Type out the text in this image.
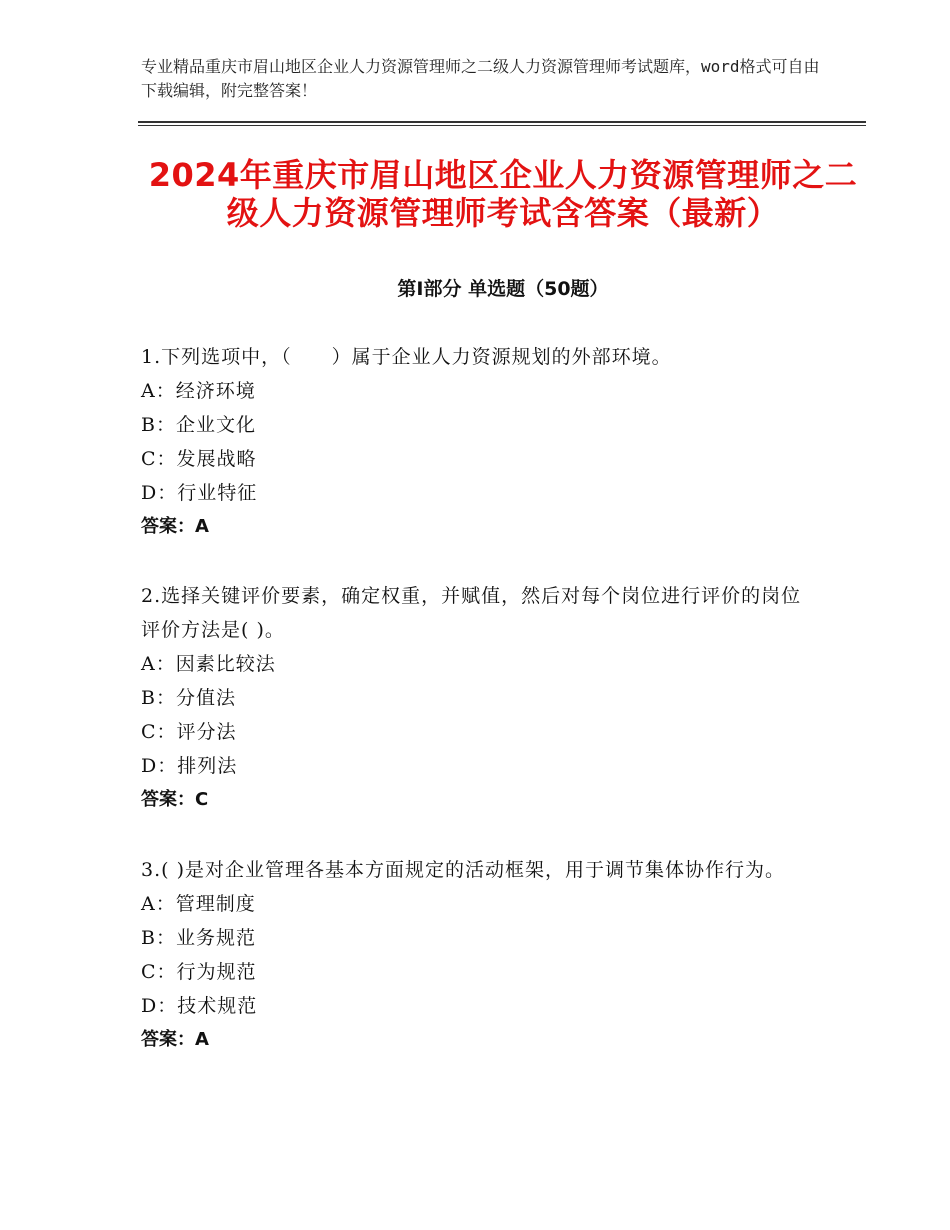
专业精品重庆市眉山地区企业人力资源管理师之二级人力资源管理师考试题库，word格式可自由下载编辑，附完整答案！
2024年重庆市眉山地区企业人力资源管理师之二级人力资源管理师考试含答案（最新）
第Ⅰ部分 单选题（50题）
1.下列选项中，（　　）属于企业人力资源规划的外部环境。
A：经济环境
B：企业文化
C：发展战略
D：行业特征
答案：A
2.选择关键评价要素，确定权重，并赋值，然后对每个岗位进行评价的岗位评价方法是( )。
A：因素比较法
B：分值法
C：评分法
D：排列法
答案：C
3.( )是对企业管理各基本方面规定的活动框架，用于调节集体协作行为。
A：管理制度
B：业务规范
C：行为规范
D：技术规范
答案：A
